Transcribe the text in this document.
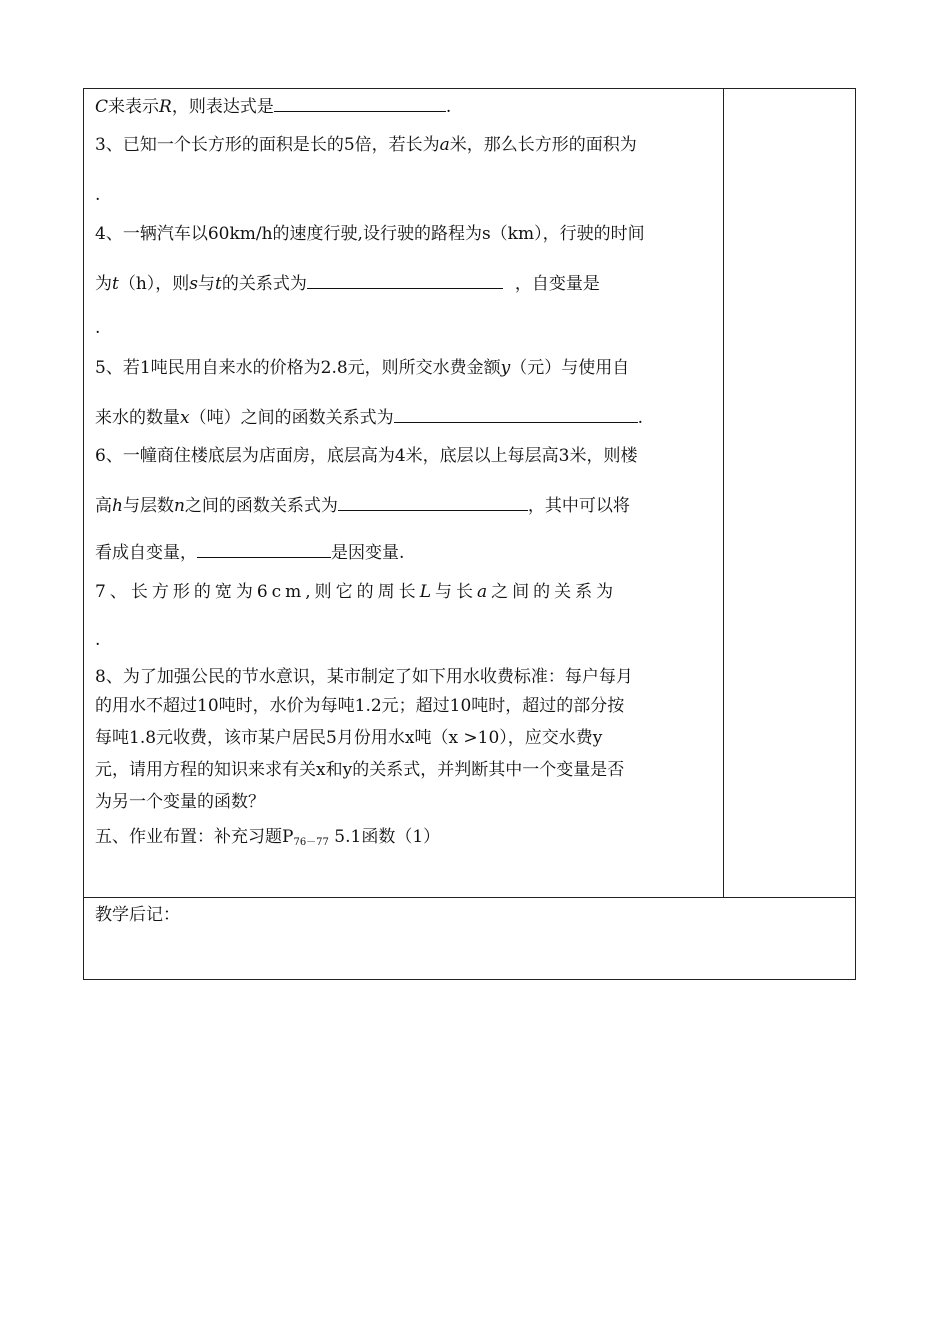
C来表示R，则表达式是	.
3、已知一个长方形的面积是长的5倍，若长为a米，那么长方形的面积为
.
4、一辆汽车以60km/h的速度行驶,设行驶的路程为s（km），行驶的时间
为t（h），则s与t的关系式为	，自变量是
.
5、若1吨民用自来水的价格为2.8元，则所交水费金额y（元）与使用自
来水的数量x（吨）之间的函数关系式为	.
6、一幢商住楼底层为店面房，底层高为4米，底层以上每层高3米，则楼
高h与层数n之间的函数关系式为	，其中可以将
看成自变量，	是因变量.
7、长方形的宽为6cm,则它的周长L与长a之间的关系为
.
8、为了加强公民的节水意识，某市制定了如下用水收费标准：每户每月
的用水不超过10吨时，水价为每吨1.2元；超过10吨时，超过的部分按
每吨1.8元收费，该市某户居民5月份用水x吨（x >10），应交水费y
元，请用方程的知识来求有关x和y的关系式，并判断其中一个变量是否
为另一个变量的函数？
五、作业布置：补充习题$P_{76-77}$ 5.1函数（1）
教学后记：
